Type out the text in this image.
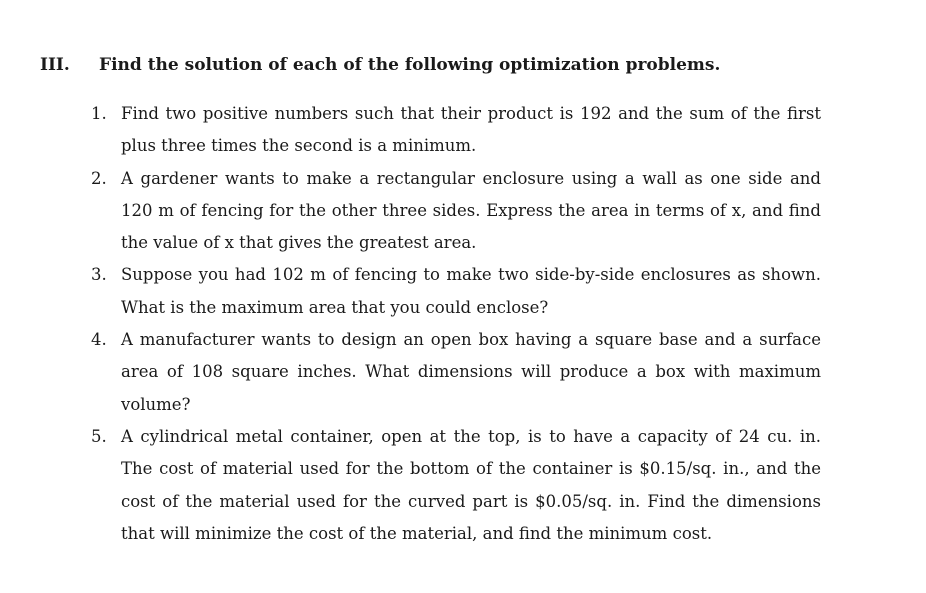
III. Find the solution of each of the following optimization problems.
1. Find two positive numbers such that their product is 192 and the sum of the first plus three times the second is a minimum.
2. A gardener wants to make a rectangular enclosure using a wall as one side and 120 m of fencing for the other three sides. Express the area in terms of x, and find the value of x that gives the greatest area.
3. Suppose you had 102 m of fencing to make two side-by-side enclosures as shown. What is the maximum area that you could enclose?
4. A manufacturer wants to design an open box having a square base and a surface area of 108 square inches. What dimensions will produce a box with maximum volume?
5. A cylindrical metal container, open at the top, is to have a capacity of 24 cu. in. The cost of material used for the bottom of the container is $0.15/sq. in., and the cost of the material used for the curved part is $0.05/sq. in. Find the dimensions that will minimize the cost of the material, and find the minimum cost.
